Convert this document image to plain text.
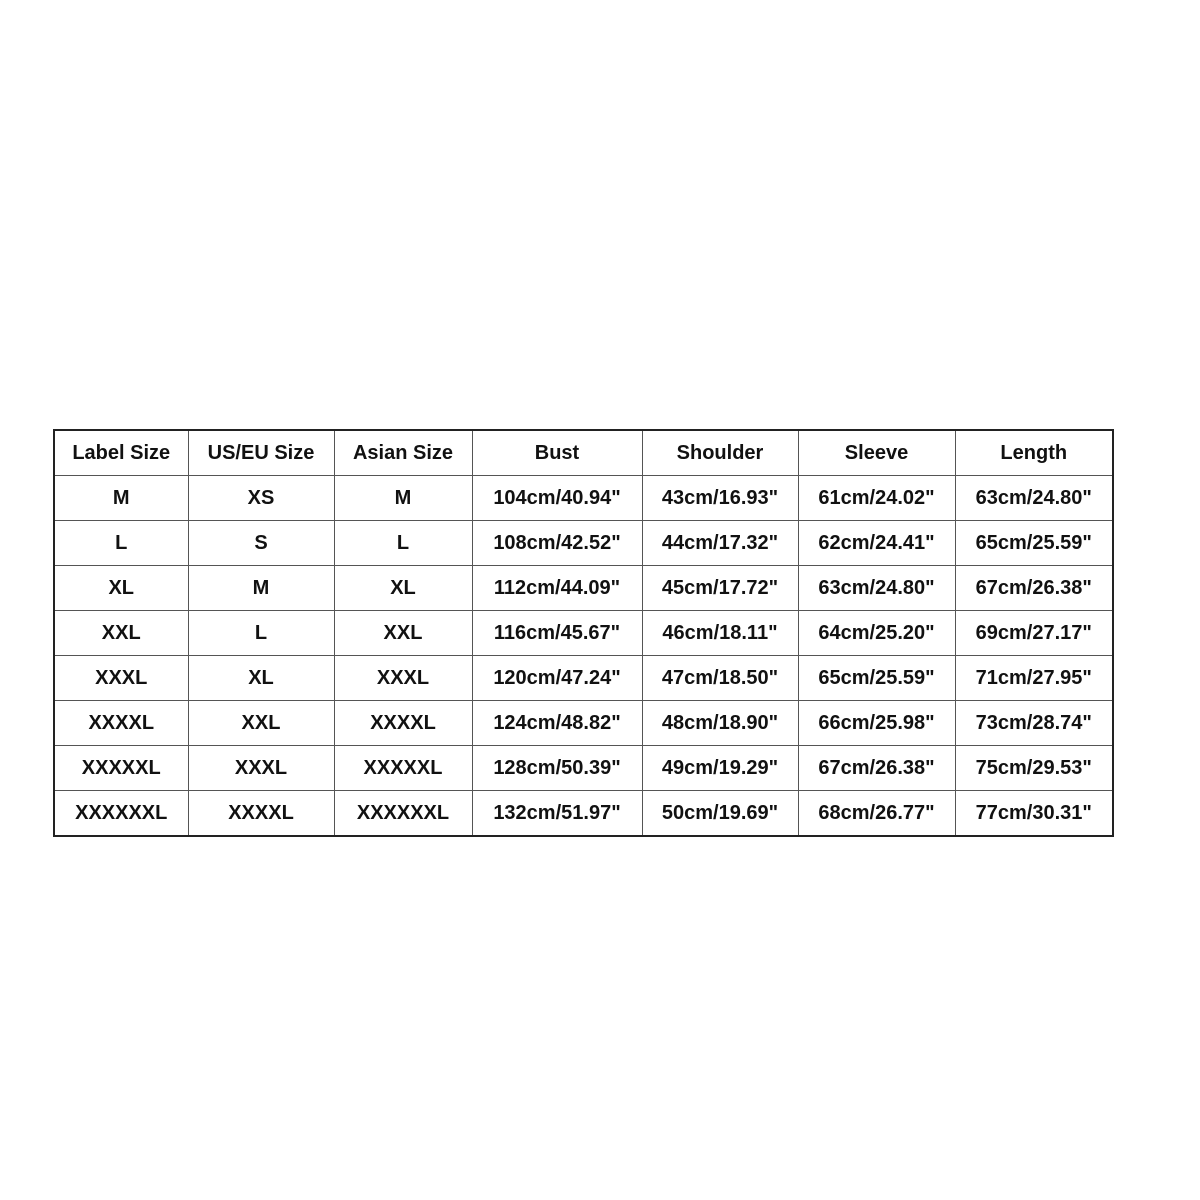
Label Size	US/EU Size	Asian Size	Bust	Shoulder	Sleeve	Length
M	XS	M	104cm/40.94"	43cm/16.93"	61cm/24.02"	63cm/24.80"
L	S	L	108cm/42.52"	44cm/17.32"	62cm/24.41"	65cm/25.59"
XL	M	XL	112cm/44.09"	45cm/17.72"	63cm/24.80"	67cm/26.38"
XXL	L	XXL	116cm/45.67"	46cm/18.11"	64cm/25.20"	69cm/27.17"
XXXL	XL	XXXL	120cm/47.24"	47cm/18.50"	65cm/25.59"	71cm/27.95"
XXXXL	XXL	XXXXL	124cm/48.82"	48cm/18.90"	66cm/25.98"	73cm/28.74"
XXXXXL	XXXL	XXXXXL	128cm/50.39"	49cm/19.29"	67cm/26.38"	75cm/29.53"
XXXXXXL	XXXXL	XXXXXXL	132cm/51.97"	50cm/19.69"	68cm/26.77"	77cm/30.31"
